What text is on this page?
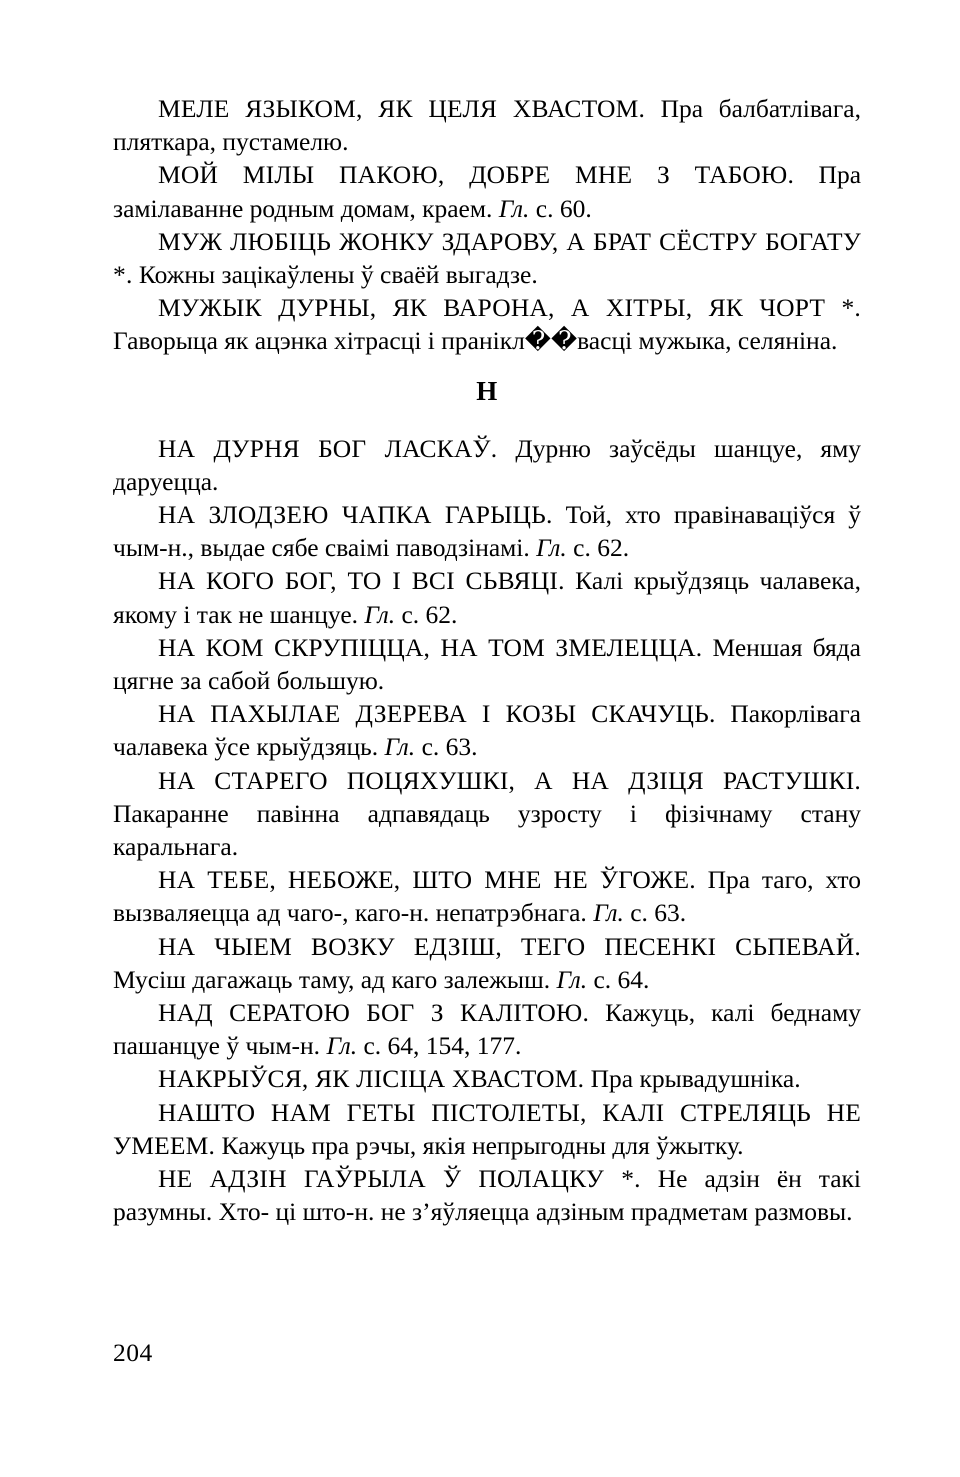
МЕЛЕ ЯЗЫКОМ, ЯК ЦЕЛЯ ХВАСТОМ. Пра балбатлівага, пляткара, пустамелю.

МОЙ МІЛЫ ПАКОЮ, ДОБРЕ МНЕ З ТАБОЮ. Пра замілаванне родным домам, краем. Гл. с. 60.

МУЖ ЛЮБІЦЬ ЖОНКУ ЗДАРОВУ, А БРАТ СЁСТРУ БОГАТУ *. Кожны зацікаўлены ў сваёй выгадзе.

МУЖЫК ДУРНЫ, ЯК ВАРОНА, А ХІТРЫ, ЯК ЧОРТ *. Гаворыца як ацэнка хітрасці і пранікл��васці мужыка, селяніна.

Н

НА ДУРНЯ БОГ ЛАСКАЎ. Дурню заўсёды шанцуе, яму даруецца.

НА ЗЛОДЗЕЮ ЧАПКА ГАРЫЦЬ. Той, хто правінаваціўся ў чым-н., выдае сябе сваімі паводзінамі. Гл. с. 62.

НА КОГО БОГ, ТО І ВСІ СЬВЯЦІ. Калі крыўдзяць чалавека, якому і так не шанцуе. Гл. с. 62.

НА КОМ СКРУПІЦЦА, НА ТОМ ЗМЕЛЕЦЦА. Меншая бяда цягне за сабой большую.

НА ПАХЫЛАЕ ДЗЕРЕВА І КОЗЫ СКАЧУЦЬ. Пакорлівага чалавека ўсе крыўдзяць. Гл. с. 63.

НА СТАРЕГО ПОЦЯХУШКІ, А НА ДЗІЦЯ РАСТУШКІ. Пакаранне павінна адпавядаць узросту і фізічнаму стану каральнага.

НА ТЕБЕ, НЕБОЖЕ, ШТО МНЕ НЕ ЎГОЖЕ. Пра таго, хто вызваляецца ад чаго-, каго-н. непатрэбнага. Гл. с. 63.

НА ЧЫЕМ ВОЗКУ ЕДЗІШ, ТЕГО ПЕСЕНКІ СЬПЕВАЙ. Мусіш дагажаць таму, ад каго залежыш. Гл. с. 64.

НАД СЕРАТОЮ БОГ З КАЛІТОЮ. Кажуць, калі беднаму пашанцуе ў чым-н. Гл. с. 64, 154, 177.

НАКРЫЎСЯ, ЯК ЛІСІЦА ХВАСТОМ. Пра крывадушніка.

НАШТО НАМ ГЕТЫ ПІСТОЛЕТЫ, КАЛІ СТРЕЛЯЦЬ НЕ УМЕЕМ. Кажуць пра рэчы, якія непрыгодны для ўжытку.

НЕ АДЗІН ГАЎРЫЛА Ў ПОЛАЦКУ *. Не адзін ён такі разумны. Хто- ці што-н. не з’яўляецца адзіным прадметам размовы.

204
